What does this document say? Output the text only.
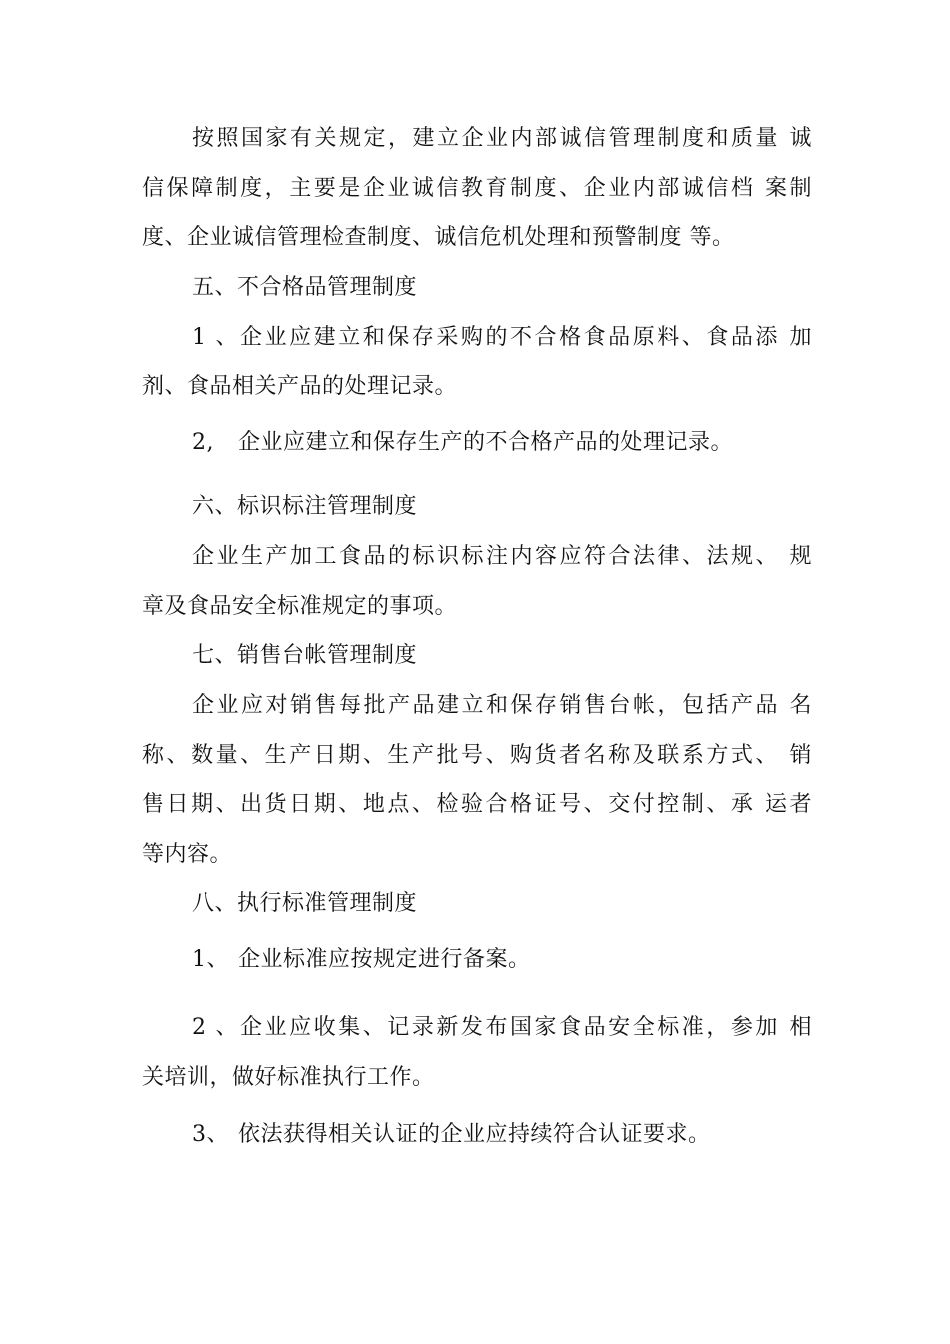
按照国家有关规定，建立企业内部诚信管理制度和质量 诚
信保障制度，主要是企业诚信教育制度、企业内部诚信档 案制
度、企业诚信管理检查制度、诚信危机处理和预警制度 等。
五、不合格品管理制度
1、企业应建立和保存采购的不合格食品原料、食品添 加
剂、食品相关产品的处理记录。
2, 企业应建立和保存生产的不合格产品的处理记录。
六、标识标注管理制度
企业生产加工食品的标识标注内容应符合法律、法规、 规
章及食品安全标准规定的事项。
七、销售台帐管理制度
企业应对销售每批产品建立和保存销售台帐，包括产品 名
称、数量、生产日期、生产批号、购货者名称及联系方式、 销
售日期、出货日期、地点、检验合格证号、交付控制、承 运者
等内容。
八、执行标准管理制度
1、 企业标准应按规定进行备案。
2、企业应收集、记录新发布国家食品安全标准，参加 相
关培训，做好标准执行工作。
3、 依法获得相关认证的企业应持续符合认证要求。
